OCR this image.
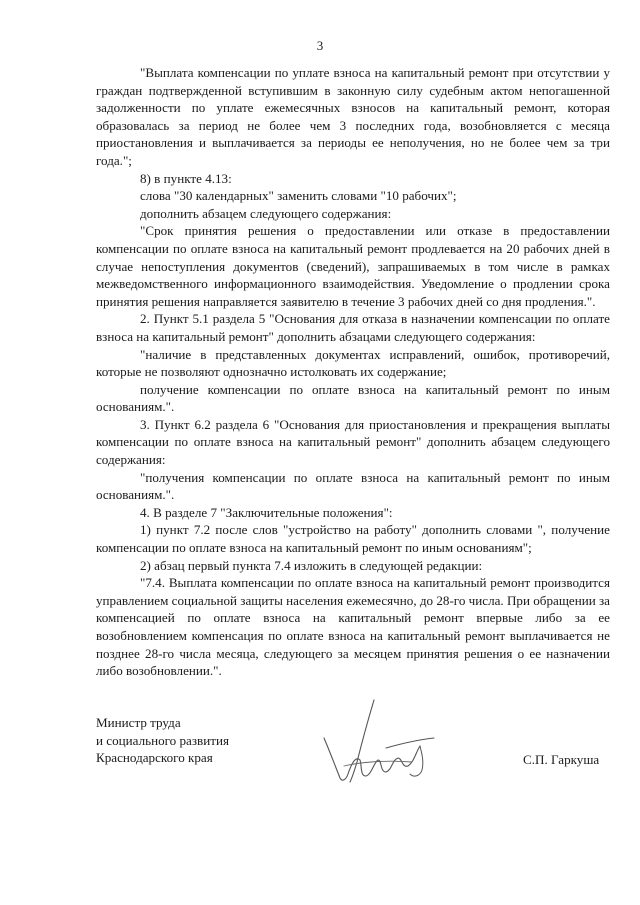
3

"Выплата компенсации по уплате взноса на капитальный ремонт при отсутствии у граждан подтвержденной вступившим в законную силу судебным актом непогашенной задолженности по уплате ежемесячных взносов на капитальный ремонт, которая образовалась за период не более чем 3 последних года, возобновляется с месяца приостановления и выплачивается за периоды ее неполучения, но не более чем за три года.";

8) в пункте 4.13:

слова "30 календарных" заменить словами "10 рабочих";

дополнить абзацем следующего содержания:

"Срок принятия решения о предоставлении или отказе в предоставлении компенсации по оплате взноса на капитальный ремонт продлевается на 20 рабочих дней в случае непоступления документов (сведений), запрашиваемых в том числе в рамках межведомственного информационного взаимодействия. Уведомление о продлении срока принятия решения направляется заявителю в течение 3 рабочих дней со дня продления.".

2. Пункт 5.1 раздела 5 "Основания для отказа в назначении компенсации по оплате взноса на капитальный ремонт" дополнить абзацами следующего содержания:

"наличие в представленных документах исправлений, ошибок, противоречий, которые не позволяют однозначно истолковать их содержание;

получение компенсации по оплате взноса на капитальный ремонт по иным основаниям.".

3. Пункт 6.2 раздела 6 "Основания для приостановления и прекращения выплаты компенсации по оплате взноса на капитальный ремонт" дополнить абзацем следующего содержания:

"получения компенсации по оплате взноса на капитальный ремонт по иным основаниям.".

4. В разделе 7 "Заключительные положения":

1) пункт 7.2 после слов "устройство на работу" дополнить словами ", получение компенсации по оплате взноса на капитальный ремонт по иным основаниям";

2) абзац первый пункта 7.4 изложить в следующей редакции:

"7.4. Выплата компенсации по оплате взноса на капитальный ремонт производится управлением социальной защиты населения ежемесячно, до 28-го числа. При обращении за компенсацией по оплате взноса на капитальный ремонт впервые либо за ее возобновлением компенсация по оплате взноса на капитальный ремонт выплачивается не позднее 28-го числа месяца, следующего за месяцем принятия решения о ее назначении либо возобновлении.".

Министр труда
и социального развития
Краснодарского края	С.П. Гаркуша
